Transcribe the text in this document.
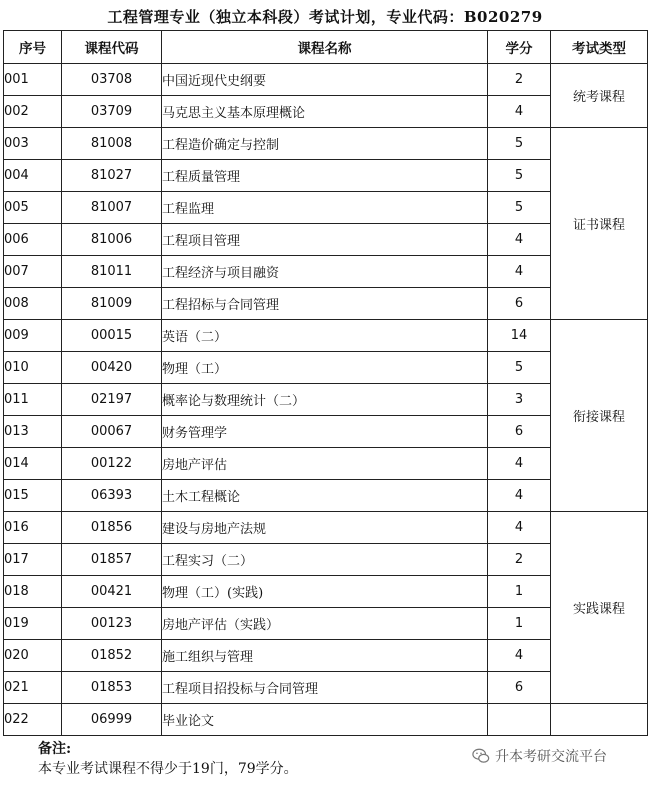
工程管理专业（独立本科段）考试计划，专业代码：B020279
序号	课程代码	课程名称	学分	考试类型
001	03708	中国近现代史纲要	2	统考课程
002	03709	马克思主义基本原理概论	4	
003	81008	工程造价确定与控制	5	证书课程
004	81027	工程质量管理	5	
005	81007	工程监理	5	
006	81006	工程项目管理	4	
007	81011	工程经济与项目融资	4	
008	81009	工程招标与合同管理	6	
009	00015	英语（二）	14	衔接课程
010	00420	物理（工）	5	
011	02197	概率论与数理统计（二）	3	
013	00067	财务管理学	6	
014	00122	房地产评估	4	
015	06393	土木工程概论	4	
016	01856	建设与房地产法规	4	实践课程
017	01857	工程实习（二）	2	
018	00421	物理（工）(实践)	1	
019	00123	房地产评估（实践）	1	
020	01852	施工组织与管理	4	
021	01853	工程项目招投标与合同管理	6	
022	06999	毕业论文		
备注:
本专业考试课程不得少于19门，79学分。
升本考研交流平台
